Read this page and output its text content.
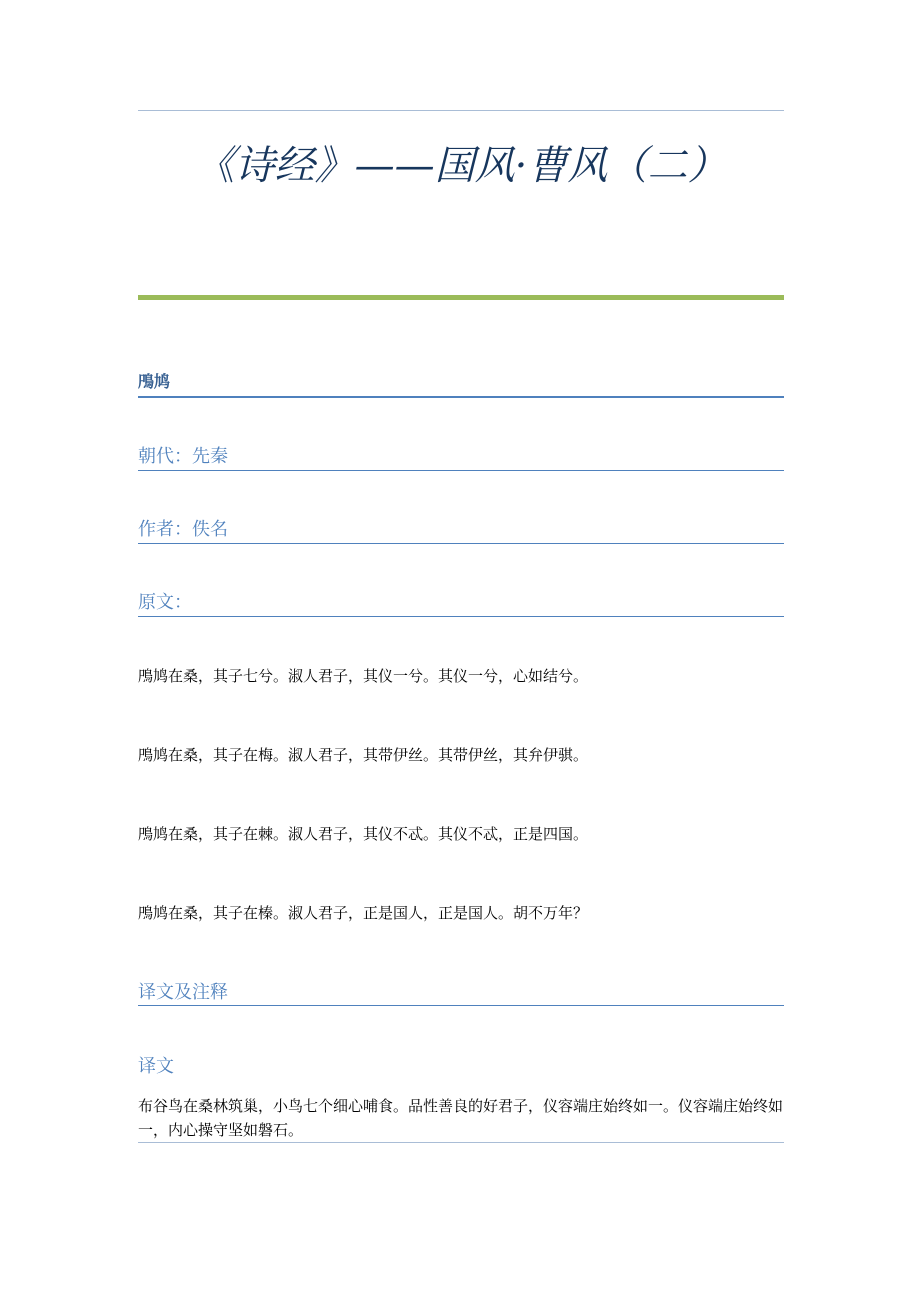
《诗经》——国风·曹风（二）
鳲鸠
朝代：先秦
作者：佚名
原文：
鳲鸠在桑，其子七兮。淑人君子，其仪一兮。其仪一兮，心如结兮。
鳲鸠在桑，其子在梅。淑人君子，其带伊丝。其带伊丝，其弁伊骐。
鳲鸠在桑，其子在棘。淑人君子，其仪不忒。其仪不忒，正是四国。
鳲鸠在桑，其子在榛。淑人君子，正是国人，正是国人。胡不万年？
译文及注释
译文
布谷鸟在桑林筑巢，小鸟七个细心哺食。品性善良的好君子，仪容端庄始终如一。仪容端庄始终如一，内心操守坚如磐石。
